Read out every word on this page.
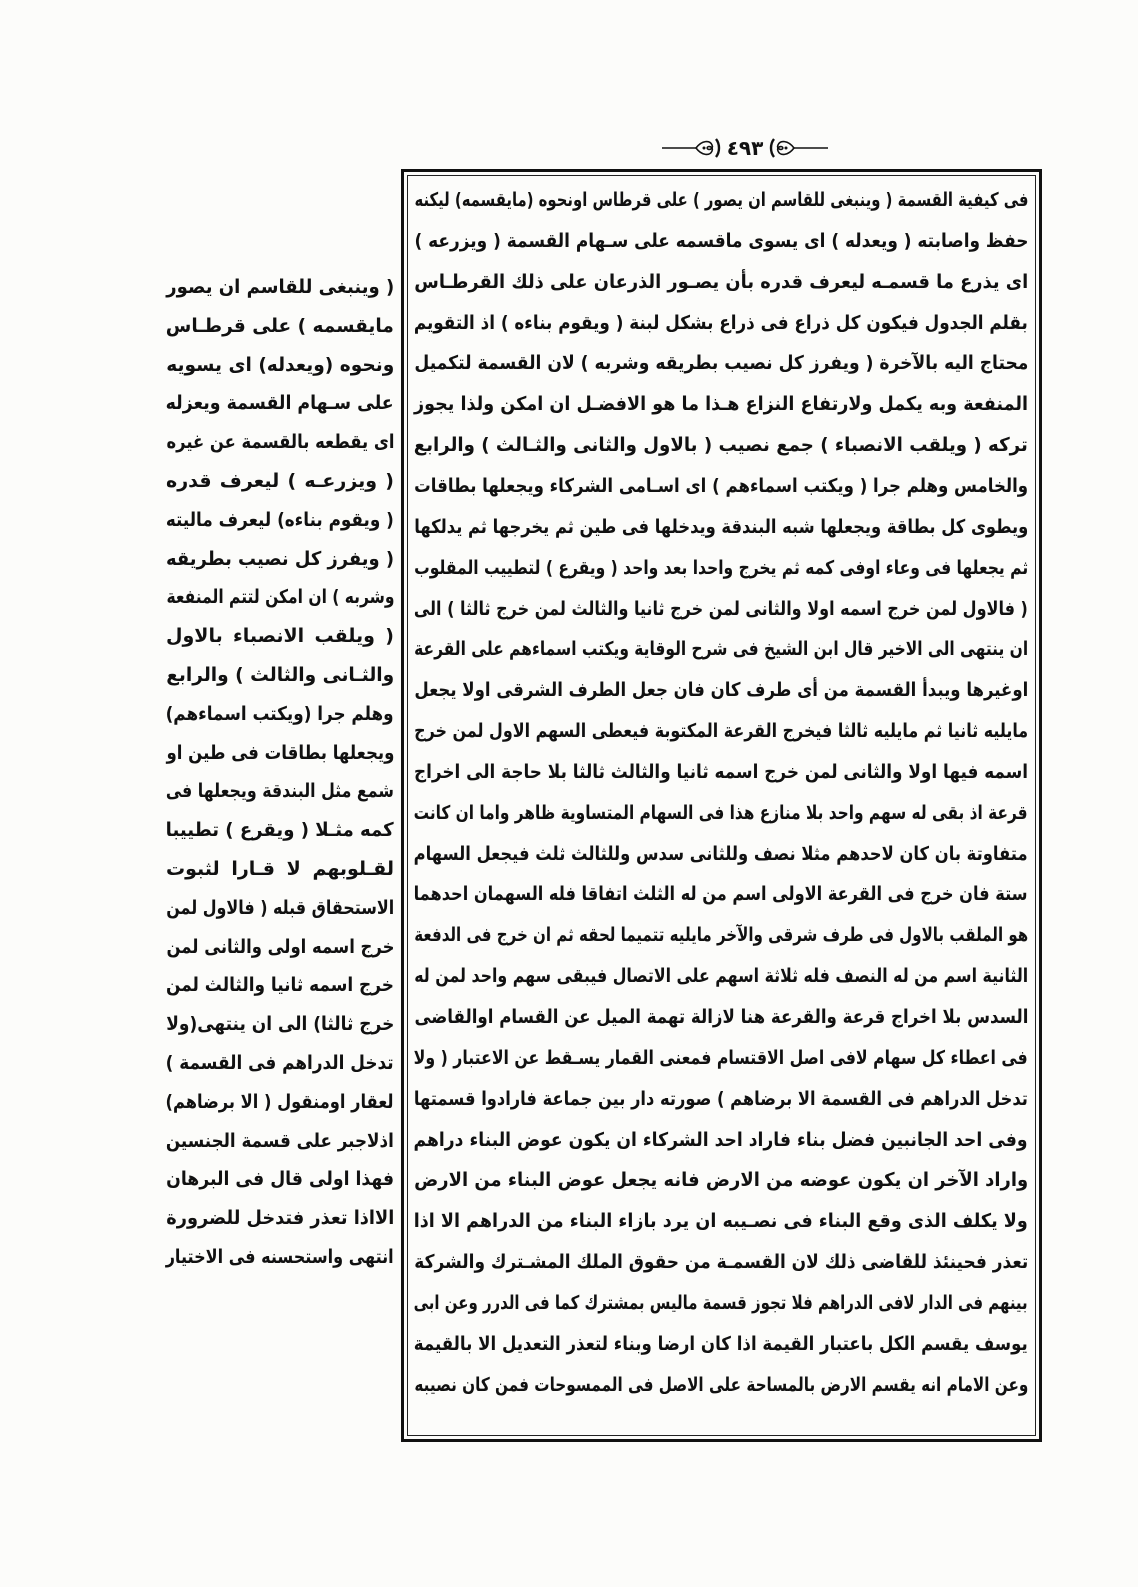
٤٩٣
فى كيفية القسمة ( وينبغى للقاسم ان يصور ) على قرطاس اونحوه (مايقسمه) ليكنه
حفظ واصابته ( ويعدله ) اى يسوى ماقسمه على سـهام القسمة ( ويزرعه )
اى يذرع ما قسمـه ليعرف قدره بأن يصـور الذرعان على ذلك القرطـاس
بقلم الجدول فيكون كل ذراع فى ذراع بشكل لبنة ( ويقوم بناءه ) اذ التقويم
محتاج اليه بالآخرة ( ويفرز كل نصيب بطريقه وشربه ) لان القسمة لتكميل
المنفعة وبه يكمل ولارتفاع النزاع هـذا ما هو الافضـل ان امكن ولذا يجوز
تركه ( ويلقب الانصباء ) جمع نصيب ( بالاول والثانى والثـالث ) والرابع
والخامس وهلم جرا ( ويكتب اسماءهم ) اى اسـامى الشركاء ويجعلها بطاقات
ويطوى كل بطاقة ويجعلها شبه البندقة ويدخلها فى طين ثم يخرجها ثم يدلكها
ثم يجعلها فى وعاء اوفى كمه ثم يخرج واحدا بعد واحد ( ويقرع ) لتطييب المقلوب
( فالاول لمن خرج اسمه اولا والثانى لمن خرج ثانيا والثالث لمن خرج ثالثا ) الى
ان ينتهى الى الاخير قال ابن الشيخ فى شرح الوقاية ويكتب اسماءهم على القرعة
اوغيرها ويبدأ القسمة من أى طرف كان فان جعل الطرف الشرقى اولا يجعل
مايليه ثانيا ثم مايليه ثالثا فيخرج القرعة المكتوبة فيعطى السهم الاول لمن خرج
اسمه فيها اولا والثانى لمن خرج اسمه ثانيا والثالث ثالثا بلا حاجة الى اخراج
قرعة اذ بقى له سهم واحد بلا منازع هذا فى السهام المتساوية ظاهر واما ان كانت
متفاوتة بان كان لاحدهم مثلا نصف وللثانى سدس وللثالث ثلث فيجعل السهام
ستة فان خرج فى القرعة الاولى اسم من له الثلث اتفاقا فله السهمان احدهما
هو الملقب بالاول فى طرف شرقى والآخر مايليه تتميما لحقه ثم ان خرج فى الدفعة
الثانية اسم من له النصف فله ثلاثة اسهم على الاتصال فيبقى سهم واحد لمن له
السدس بلا اخراج قرعة والقرعة هنا لازالة تهمة الميل عن القسام اوالقاضى
فى اعطاء كل سهام لافى اصل الاقتسام فمعنى القمار يسـقط عن الاعتبار ( ولا
تدخل الدراهم فى القسمة الا برضاهم ) صورته دار بين جماعة فارادوا قسمتها
وفى احد الجانبين فضل بناء فاراد احد الشركاء ان يكون عوض البناء دراهم
واراد الآخر ان يكون عوضه من الارض فانه يجعل عوض البناء من الارض
ولا يكلف الذى وقع البناء فى نصـيبه ان يرد بازاء البناء من الدراهم الا اذا
تعذر فحينئذ للقاضى ذلك لان القسمـة من حقوق الملك المشـترك والشركة
بينهم فى الدار لافى الدراهم فلا تجوز قسمة ماليس بمشترك كما فى الدرر وعن ابى
يوسف يقسم الكل باعتبار القيمة اذا كان ارضا وبناء لتعذر التعديل الا بالقيمة
وعن الامام انه يقسم الارض بالمساحة على الاصل فى الممسوحات فمن كان نصيبه
( وينبغى للقاسم ان يصور
مايقسمه ) على قرطـاس
ونحوه (ويعدله) اى يسويه
على سـهام القسمة ويعزله
اى يقطعه بالقسمة عن غيره
( ويزرعـه ) ليعرف قدره
( ويقوم بناءه) ليعرف ماليته
( ويفرز كل نصيب بطريقه
وشربه ) ان امكن لتتم المنفعة
( ويلقب الانصباء بالاول
والثـانى والثالث ) والرابع
وهلم جرا (ويكتب اسماءهم)
ويجعلها بطاقات فى طين او
شمع مثل البندقة ويجعلها فى
كمه مثـلا ( ويقرع ) تطييبا
لقـلوبهم لا قـارا لثبوت
الاستحقاق قبله ( فالاول لمن
خرج اسمه اولى والثانى لمن
خرج اسمه ثانيا والثالث لمن
خرج ثالثا) الى ان ينتهى(ولا
تدخل الدراهم فى القسمة )
لعقار اومنقول ( الا برضاهم)
اذلاجبر على قسمة الجنسين
فهذا اولى قال فى البرهان
الااذا تعذر فتدخل للضرورة
انتهى واستحسنه فى الاختيار
